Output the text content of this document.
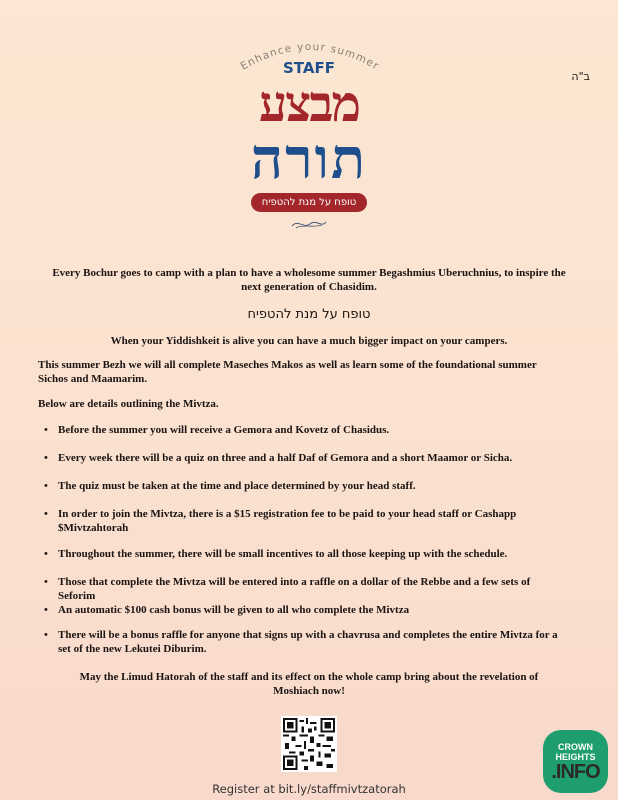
ב"ה
Enhance your summer
STAFF
מבצע
תורה
טופח על מנת להטפיח
Every Bochur goes to camp with a plan to have a wholesome summer Begashmius Uberuchnius, to inspire the next generation of Chasidim.
טופח על מנת להטפיח
When your Yiddishkeit is alive you can have a much bigger impact on your campers.
This summer Bezh we will all complete Maseches Makos as well as learn some of the foundational summer Sichos and Maamarim.
Below are details outlining the Mivtza.
• Before the summer you will receive a Gemora and Kovetz of Chasidus.
• Every week there will be a quiz on three and a half Daf of Gemora and a short Maamor or Sicha.
• The quiz must be taken at the time and place determined by your head staff.
• In order to join the Mivtza, there is a $15 registration fee to be paid to your head staff or Cashapp $Mivtzahtorah
• Throughout the summer, there will be small incentives to all those keeping up with the schedule.
• Those that complete the Mivtza will be entered into a raffle on a dollar of the Rebbe and a few sets of Seforim
• An automatic $100 cash bonus will be given to all who complete the Mivtza
• There will be a bonus raffle for anyone that signs up with a chavrusa and completes the entire Mivtza for a set of the new Lekutei Diburim.
May the Limud Hatorah of the staff and its effect on the whole camp bring about the revelation of Moshiach now!
Register at bit.ly/staffmivtzatorah
CROWN
HEIGHTS
.INFO
